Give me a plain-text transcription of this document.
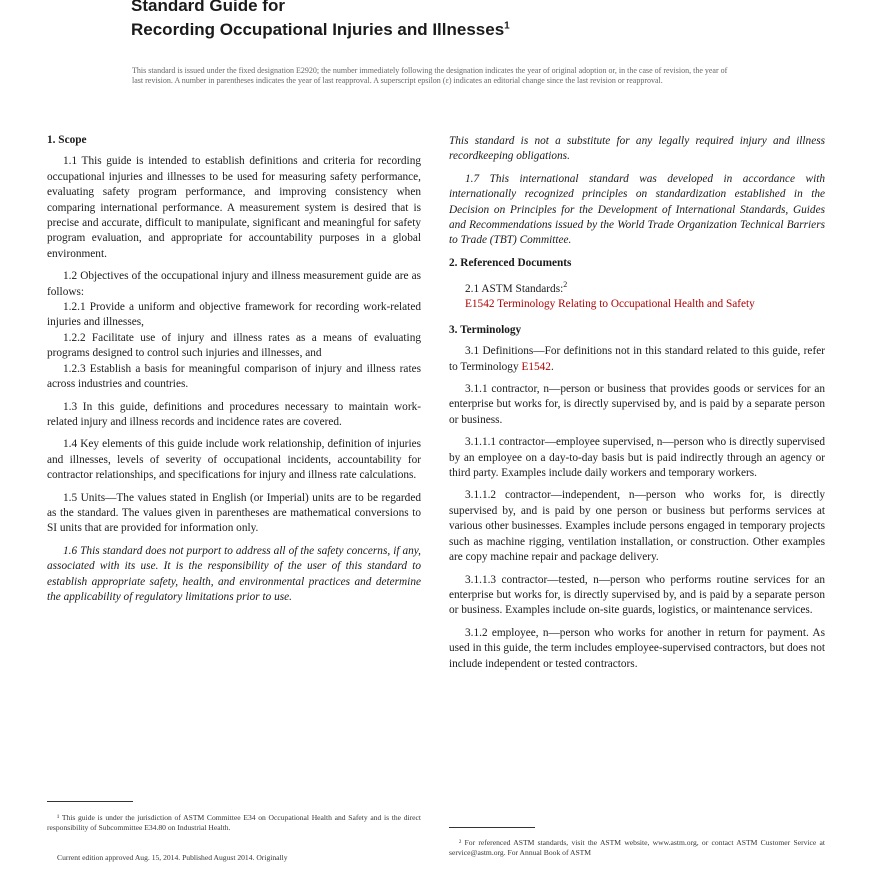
Standard Guide for
Recording Occupational Injuries and Illnesses$^1$
This standard is issued under the fixed designation E2920; the number immediately following the designation indicates the year of original adoption or, in the case of revision, the year of last revision. A number in parentheses indicates the year of last reapproval. A superscript epsilon (ε) indicates an editorial change since the last revision or reapproval.
1. Scope
1.1 This guide is intended to establish definitions and criteria for recording occupational injuries and illnesses to be used for measuring safety performance, evaluating safety program performance, and improving consistency when comparing international performance. A measurement system is desired that is precise and accurate, difficult to manipulate, significant and meaningful for safety program evaluation, and appropriate for accountability purposes in a global environment.
1.2 Objectives of the occupational injury and illness measurement guide are as follows:
1.2.1 Provide a uniform and objective framework for recording work-related injuries and illnesses,
1.2.2 Facilitate use of injury and illness rates as a means of evaluating programs designed to control such injuries and illnesses, and
1.2.3 Establish a basis for meaningful comparison of injury and illness rates across industries and countries.
1.3 In this guide, definitions and procedures necessary to maintain work-related injury and illness records and incidence rates are covered.
1.4 Key elements of this guide include work relationship, definition of injuries and illnesses, levels of severity of occupational incidents, accountability for contractor relationships, and specifications for injury and illness rate calculations.
1.5 Units—The values stated in English (or Imperial) units are to be regarded as the standard. The values given in parentheses are mathematical conversions to SI units that are provided for information only.
1.6 This standard does not purport to address all of the safety concerns, if any, associated with its use. It is the responsibility of the user of this standard to establish appropriate safety, health, and environmental practices and determine the applicability of regulatory limitations prior to use.
This standard is not a substitute for any legally required injury and illness recordkeeping obligations.
1.7 This international standard was developed in accordance with internationally recognized principles on standardization established in the Decision on Principles for the Development of International Standards, Guides and Recommendations issued by the World Trade Organization Technical Barriers to Trade (TBT) Committee.
2. Referenced Documents
2.1 ASTM Standards:$^2$
E1542 Terminology Relating to Occupational Health and Safety
3. Terminology
3.1 Definitions—For definitions not in this standard related to this guide, refer to Terminology E1542.
3.1.1 contractor, n—person or business that provides goods or services for an enterprise but works for, is directly supervised by, and is paid by a separate person or business.
3.1.1.1 contractor—employee supervised, n—person who is directly supervised by an employee on a day-to-day basis but is paid indirectly through an agency or third party. Examples include daily workers and temporary workers.
3.1.1.2 contractor—independent, n—person who works for, is directly supervised by, and is paid by one person or business but performs services at various other businesses. Examples include persons engaged in temporary projects such as machine rigging, ventilation installation, or construction. Other examples are copy machine repair and package delivery.
3.1.1.3 contractor—tested, n—person who performs routine services for an enterprise but works for, is directly supervised by, and is paid by a separate person or business. Examples include on-site guards, logistics, or maintenance services.
3.1.2 employee, n—person who works for another in return for payment. As used in this guide, the term includes employee-supervised contractors, but does not include independent or tested contractors.
¹ This guide is under the jurisdiction of ASTM Committee E34 on Occupational Health and Safety and is the direct responsibility of Subcommittee E34.80 on Industrial Health.
Current edition approved Aug. 15, 2014. Published August 2014. Originally
² For referenced ASTM standards, visit the ASTM website, www.astm.org, or contact ASTM Customer Service at service@astm.org. For Annual Book of ASTM
